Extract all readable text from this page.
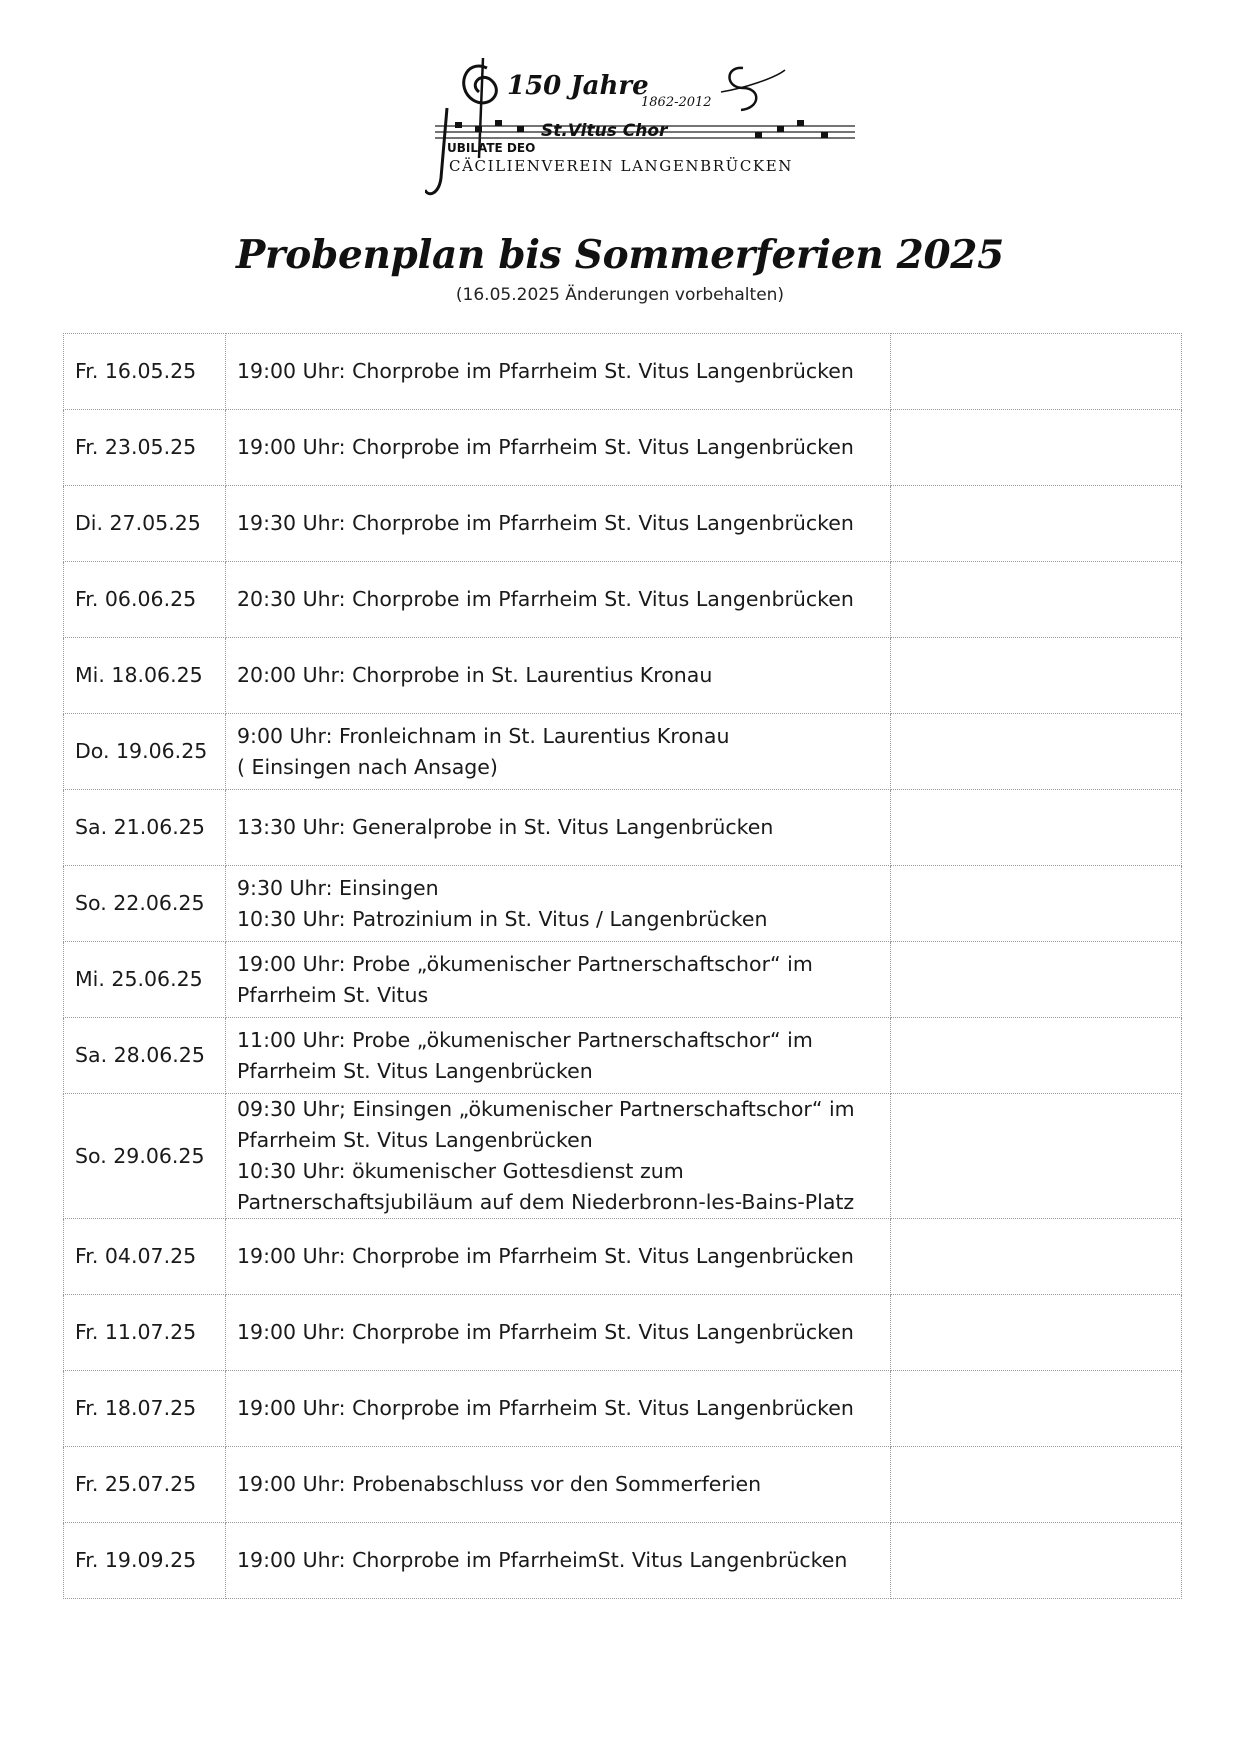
150 Jahre
1862-2012
St.Vitus Chor
UBILATE DEO
CÄCILIENVEREIN LANGENBRÜCKEN
Probenplan bis Sommerferien 2025
(16.05.2025 Änderungen vorbehalten)
Fr. 16.05.25	19:00 Uhr: Chorprobe im Pfarrheim St. Vitus Langenbrücken	

Fr. 23.05.25	19:00 Uhr: Chorprobe im Pfarrheim St. Vitus Langenbrücken	

Di. 27.05.25	19:30 Uhr: Chorprobe im Pfarrheim St. Vitus Langenbrücken	

Fr. 06.06.25	20:30 Uhr: Chorprobe im Pfarrheim St. Vitus Langenbrücken	

Mi. 18.06.25	20:00 Uhr: Chorprobe in St. Laurentius Kronau	

Do. 19.06.25	9:00 Uhr: Fronleichnam in St. Laurentius Kronau
( Einsingen nach Ansage)	

Sa. 21.06.25	13:30 Uhr: Generalprobe in St. Vitus Langenbrücken	

So. 22.06.25	9:30 Uhr: Einsingen
10:30 Uhr: Patrozinium in St. Vitus / Langenbrücken	

Mi. 25.06.25	19:00 Uhr: Probe „ökumenischer Partnerschaftschor“ im
Pfarrheim St. Vitus	

Sa. 28.06.25	11:00 Uhr: Probe „ökumenischer Partnerschaftschor“ im
Pfarrheim St. Vitus Langenbrücken	

So. 29.06.25	09:30 Uhr; Einsingen „ökumenischer Partnerschaftschor“ im
Pfarrheim St. Vitus Langenbrücken
10:30 Uhr: ökumenischer Gottesdienst zum
Partnerschaftsjubiläum auf dem Niederbronn-les-Bains-Platz	

Fr. 04.07.25	19:00 Uhr: Chorprobe im Pfarrheim St. Vitus Langenbrücken	

Fr. 11.07.25	19:00 Uhr: Chorprobe im Pfarrheim St. Vitus Langenbrücken	

Fr. 18.07.25	19:00 Uhr: Chorprobe im Pfarrheim St. Vitus Langenbrücken	

Fr. 25.07.25	19:00 Uhr: Probenabschluss vor den Sommerferien	

Fr. 19.09.25	19:00 Uhr: Chorprobe im PfarrheimSt. Vitus Langenbrücken	
